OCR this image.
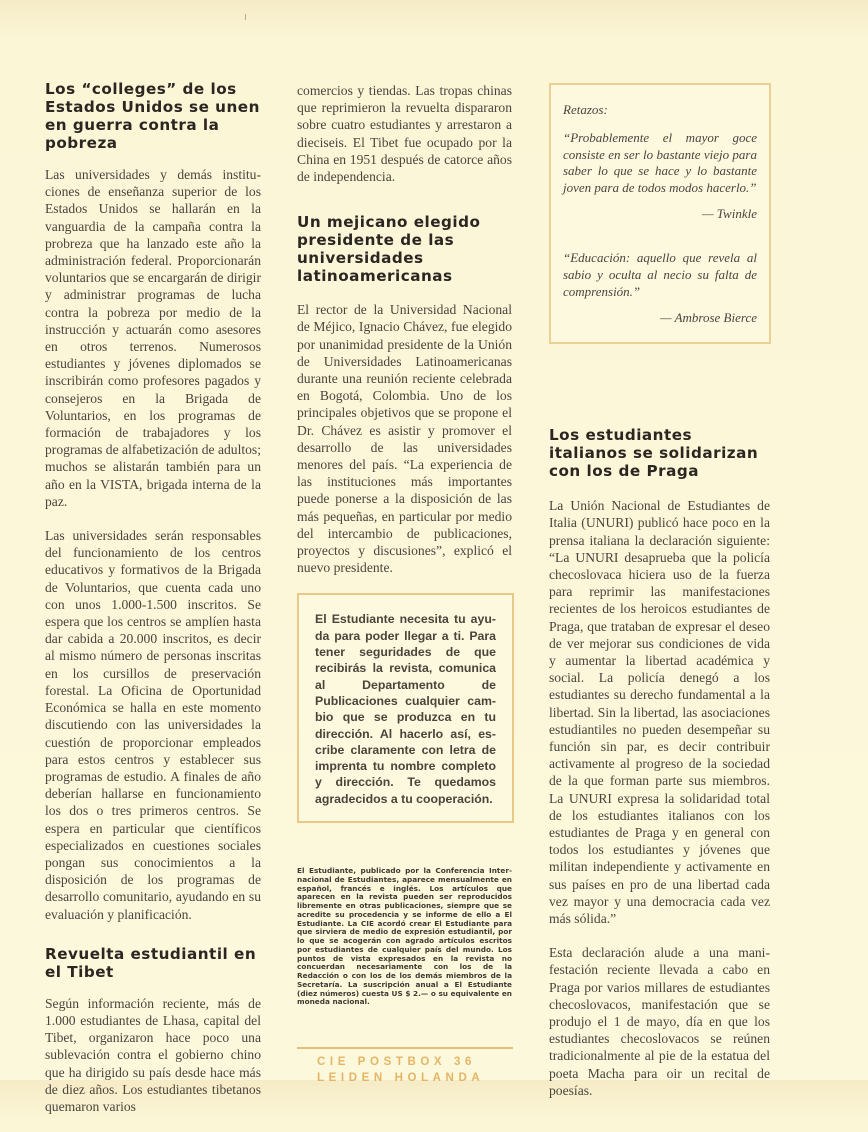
Los “colleges” de los Estados Unidos se unen en guerra contra la pobreza

Las universidades y demás instituciones de enseñanza superior de los Estados Unidos se hallarán en la vanguardia de la campaña contra la probreza que ha lanzado este año la administración federal. Proporcionarán voluntarios que se encargarán de dirigir y administrar programas de lucha contra la pobreza por medio de la instrucción y actuarán como asesores en otros terrenos. Numerosos estudiantes y jóvenes diplomados se inscribirán como profesores pagados y consejeros en la Brigada de Voluntarios, en los programas de formación de trabajadores y los programas de alfabetización de adultos; muchos se alistarán también para un año en la VISTA, brigada interna de la paz.

Las universidades serán responsables del funcionamiento de los centros educativos y formativos de la Brigada de Voluntarios, que cuenta cada uno con unos 1.000-1.500 inscritos. Se espera que los centros se amplíen hasta dar cabida a 20.000 inscritos, es decir al mismo número de personas inscritas en los cursillos de preservación forestal. La Oficina de Oportunidad Económica se halla en este momento discutiendo con las universidades la cuestión de proporcionar empleados para estos centros y establecer sus programas de estudio. A finales de año deberían hallarse en funcionamiento los dos o tres primeros centros. Se espera en particular que científicos especializados en cuestiones sociales pongan sus conocimientos a la disposición de los programas de desarrollo comunitario, ayudando en su evaluación y planificación.

Revuelta estudiantil en el Tibet

Según información reciente, más de 1.000 estudiantes de Lhasa, capital del Tibet, organizaron hace poco una sublevación contra el gobierno chino que ha dirigido su país desde hace más de diez años. Los estudiantes tibetanos quemaron varios

comercios y tiendas. Las tropas chinas que reprimieron la revuelta dispararon sobre cuatro estudiantes y arrestaron a dieciseis. El Tibet fue ocupado por la China en 1951 después de catorce años de independencia.

Un mejicano elegido presidente de las universidades latinoamericanas

El rector de la Universidad Nacional de Méjico, Ignacio Chávez, fue elegido por unanimidad presidente de la Unión de Universidades Latinoamericanas durante una reunión reciente celebrada en Bogotá, Colombia. Uno de los principales objetivos que se propone el Dr. Chávez es asistir y promover el desarrollo de las universidades menores del país. “La experiencia de las instituciones más importantes puede ponerse a la disposición de las más pequeñas, en particular por medio del intercambio de publicaciones, proyectos y discusiones”, explicó el nuevo presidente.

El Estudiante necesita tu ayuda para poder llegar a ti. Para tener seguridades de que recibirás la revista, comunica al Departamento de Publicaciones cualquier cambio que se produzca en tu dirección. Al hacerlo así, escribe claramente con letra de imprenta tu nombre completo y dirección. Te quedamos agradecidos a tu cooperación.

El Estudiante, publicado por la Conferencia Internacional de Estudiantes, aparece mensualmente en español, francés e inglés. Los artículos que aparecen en la revista pueden ser reproducidos libremente en otras publicaciones, siempre que se acredite su procedencia y se informe de ello a El Estudiante. La CIE acordó crear El Estudiante para que sirviera de medio de expresión estudiantil, por lo que se acogerán con agrado artículos escritos por estudiantes de cualquier país del mundo. Los puntos de vista expresados en la revista no concuerdan necesariamente con los de la Redacción o con los de los demás miembros de la Secretaría. La suscripción anual a El Estudiante (diez números) cuesta US $ 2.— o su equivalente en moneda nacional.

CIE POSTBOX 36
LEIDEN HOLANDA
Retazos:
“Probablemente el mayor goce consiste en ser lo bastante viejo para saber lo que se hace y lo bastante joven para de todos modos hacerlo.”
— Twinkle
“Educación: aquello que revela al sabio y oculta al necio su falta de comprensión.”
— Ambrose Bierce
Los estudiantes italianos se solidarizan con los de Praga

La Unión Nacional de Estudiantes de Italia (UNURI) publicó hace poco en la prensa italiana la declaración siguiente: “La UNURI desaprueba que la policía checoslovaca hiciera uso de la fuerza para reprimir las manifestaciones recientes de los heroicos estudiantes de Praga, que trataban de expresar el deseo de ver mejorar sus condiciones de vida y aumentar la libertad académica y social. La policía denegó a los estudiantes su derecho fundamental a la libertad. Sin la libertad, las asociaciones estudiantiles no pueden desempeñar su función sin par, es decir contribuir activamente al progreso de la sociedad de la que forman parte sus miembros. La UNURI expresa la solidaridad total de los estudiantes italianos con los estudiantes de Praga y en general con todos los estudiantes y jóvenes que militan independiente y activamente en sus países en pro de una libertad cada vez mayor y una democracia cada vez más sólida.”

Esta declaración alude a una manifestación reciente llevada a cabo en Praga por varios millares de estudiantes checoslovacos, manifestación que se produjo el 1 de mayo, día en que los estudiantes checoslovacos se reúnen tradicionalmente al pie de la estatua del poeta Macha para oir un recital de poesías.
